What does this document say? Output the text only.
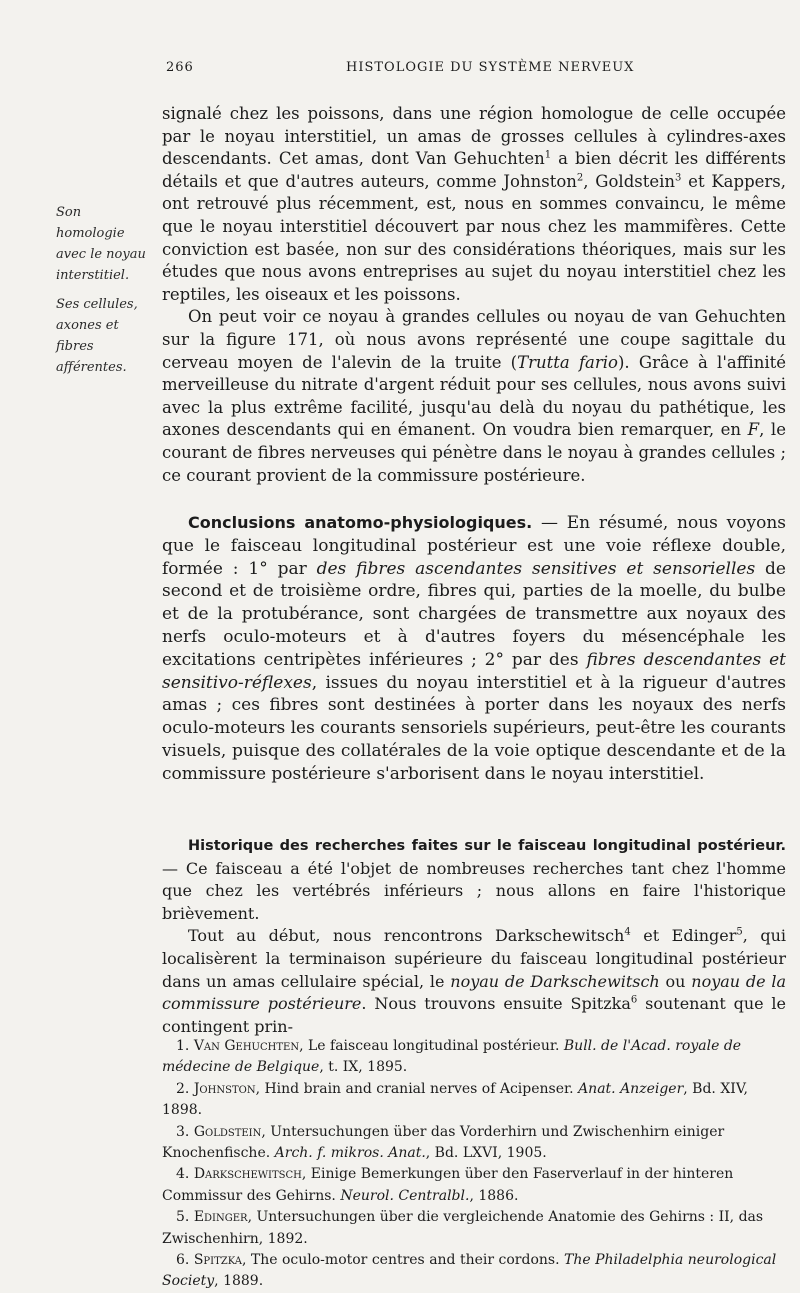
266	HISTOLOGIE DU SYSTÈME NERVEUX
Son homologie avec le noyau interstitiel.
Ses cellules, axones et fibres afférentes.

signalé chez les poissons, dans une région homologue de celle occupée par le noyau interstitiel, un amas de grosses cellules à cylindres-axes descendants. Cet amas, dont Van Gehuchten$^1$ a bien décrit les différents détails et que d'autres auteurs, comme Johnston$^2$, Goldstein$^3$ et Kappers, ont retrouvé plus récemment, est, nous en sommes convaincu, le même que le noyau interstitiel découvert par nous chez les mammifères. Cette conviction est basée, non sur des considérations théoriques, mais sur les études que nous avons entreprises au sujet du noyau interstitiel chez les reptiles, les oiseaux et les poissons.

On peut voir ce noyau à grandes cellules ou noyau de van Gehuchten sur la figure 171, où nous avons représenté une coupe sagittale du cerveau moyen de l'alevin de la truite (Trutta fario). Grâce à l'affinité merveilleuse du nitrate d'argent réduit pour ses cellules, nous avons suivi avec la plus extrême facilité, jusqu'au delà du noyau du pathétique, les axones descendants qui en émanent. On voudra bien remarquer, en F, le courant de fibres nerveuses qui pénètre dans le noyau à grandes cellules ; ce courant provient de la commissure postérieure.

Conclusions anatomo-physiologiques. — En résumé, nous voyons que le faisceau longitudinal postérieur est une voie réflexe double, formée : 1° par des fibres ascendantes sensitives et sensorielles de second et de troisième ordre, fibres qui, parties de la moelle, du bulbe et de la protubérance, sont chargées de transmettre aux noyaux des nerfs oculo-moteurs et à d'autres foyers du mésencéphale les excitations centripètes inférieures ; 2° par des fibres descendantes et sensitivo-réflexes, issues du noyau interstitiel et à la rigueur d'autres amas ; ces fibres sont destinées à porter dans les noyaux des nerfs oculo-moteurs les courants sensoriels supérieurs, peut-être les courants visuels, puisque des collatérales de la voie optique descendante et de la commissure postérieure s'arborisent dans le noyau interstitiel.

Historique des recherches faites sur le faisceau longitudinal postérieur. — Ce faisceau a été l'objet de nombreuses recherches tant chez l'homme que chez les vertébrés inférieurs ; nous allons en faire l'historique brièvement.

Tout au début, nous rencontrons Darkschewitsch$^4$ et Edinger$^5$, qui localisèrent la terminaison supérieure du faisceau longitudinal postérieur dans un amas cellulaire spécial, le noyau de Darkschewitsch ou noyau de la commissure postérieure. Nous trouvons ensuite Spitzka$^6$ soutenant que le contingent prin-

1. Van Gehuchten, Le faisceau longitudinal postérieur. Bull. de l'Acad. royale de médecine de Belgique, t. IX, 1895.

2. Johnston, Hind brain and cranial nerves of Acipenser. Anat. Anzeiger, Bd. XIV, 1898.

3. Goldstein, Untersuchungen über das Vorderhirn und Zwischenhirn einiger Knochenfische. Arch. f. mikros. Anat., Bd. LXVI, 1905.

4. Darkschewitsch, Einige Bemerkungen über den Faserverlauf in der hinteren Commissur des Gehirns. Neurol. Centralbl., 1886.

5. Edinger, Untersuchungen über die vergleichende Anatomie des Gehirns : II, das Zwischenhirn, 1892.

6. Spitzka, The oculo-motor centres and their cordons. The Philadelphia neurological Society, 1889.
